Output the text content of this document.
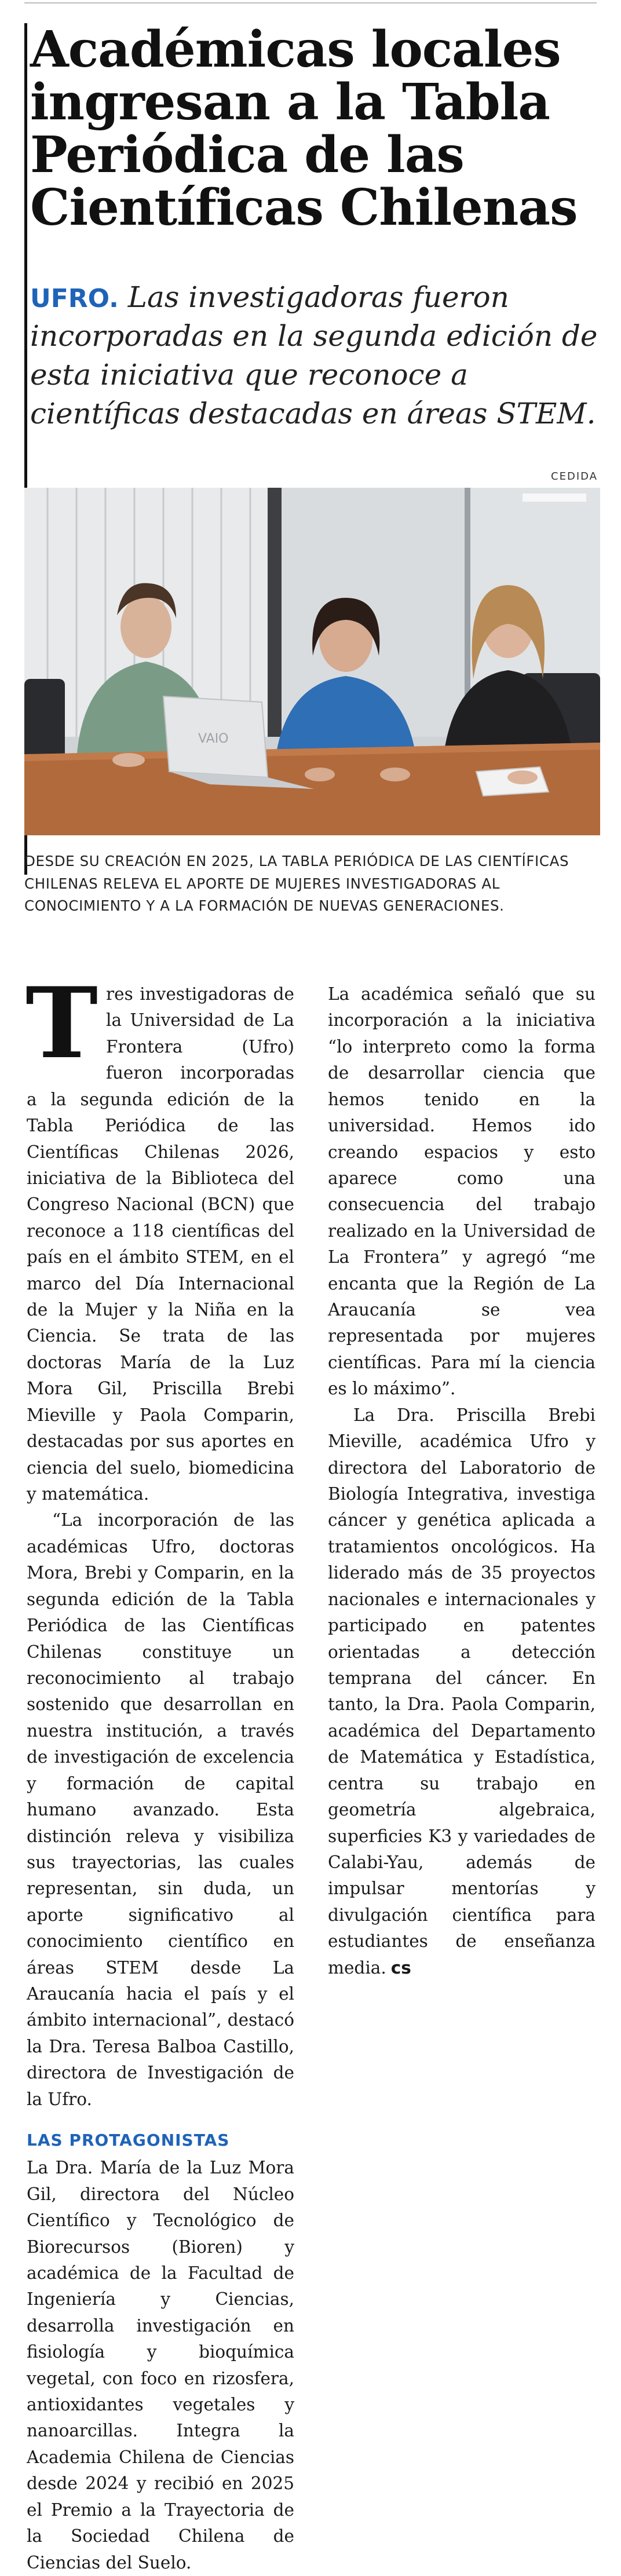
Académicas locales ingresan a la Tabla Periódica de las Científicas Chilenas
UFRO. Las investigadoras fueron incorporadas en la segunda edición de esta iniciativa que reconoce a científicas destacadas en áreas STEM.
CEDIDA
VAIO
DESDE SU CREACIÓN EN 2025, LA TABLA PERIÓDICA DE LAS CIENTÍFICAS CHILENAS RELEVA EL APORTE DE MUJERES INVESTIGADORAS AL CONOCIMIENTO Y A LA FORMACIÓN DE NUEVAS GENERACIONES.

Tres investigadoras de la Universidad de La Frontera (Ufro) fueron incorporadas a la segunda edición de la Tabla Periódica de las Científicas Chilenas 2026, iniciativa de la Biblioteca del Congreso Nacional (BCN) que reconoce a 118 científicas del país en el ámbito STEM, en el marco del Día Internacional de la Mujer y la Niña en la Ciencia. Se trata de las doctoras María de la Luz Mora Gil, Priscilla Brebi Mieville y Paola Comparin, destacadas por sus aportes en ciencia del suelo, biomedicina y matemática.

“La incorporación de las académicas Ufro, doctoras Mora, Brebi y Comparin, en la segunda edición de la Tabla Periódica de las Científicas Chilenas constituye un reconocimiento al trabajo sostenido que desarrollan en nuestra institución, a través de investigación de excelencia y formación de capital humano avanzado. Esta distinción releva y visibiliza sus trayectorias, las cuales representan, sin duda, un aporte significativo al conocimiento científico en áreas STEM desde La Araucanía hacia el país y el ámbito internacional”, destacó la Dra. Teresa Balboa Castillo, directora de Investigación de la Ufro.

LAS PROTAGONISTAS

La Dra. María de la Luz Mora Gil, directora del Núcleo Científico y Tecnológico de Biorecursos (Bioren) y académica de la Facultad de Ingeniería y Ciencias, desarrolla investigación en fisiología y bioquímica vegetal, con foco en rizosfera, antioxidantes vegetales y nanoarcillas. Integra la Academia Chilena de Ciencias desde 2024 y recibió en 2025 el Premio a la Trayectoria de la Sociedad Chilena de Ciencias del Suelo.

La académica señaló que su incorporación a la iniciativa “lo interpreto como la forma de desarrollar ciencia que hemos tenido en la universidad. Hemos ido creando espacios y esto aparece como una consecuencia del trabajo realizado en la Universidad de La Frontera” y agregó “me encanta que la Región de La Araucanía se vea representada por mujeres científicas. Para mí la ciencia es lo máximo”.

La Dra. Priscilla Brebi Mieville, académica Ufro y directora del Laboratorio de Biología Integrativa, investiga cáncer y genética aplicada a tratamientos oncológicos. Ha liderado más de 35 proyectos nacionales e internacionales y participado en patentes orientadas a detección temprana del cáncer. En tanto, la Dra. Paola Comparin, académica del Departamento de Matemática y Estadística, centra su trabajo en geometría algebraica, superficies K3 y variedades de Calabi-Yau, además de impulsar mentorías y divulgación científica para estudiantes de enseñanza media. cs
